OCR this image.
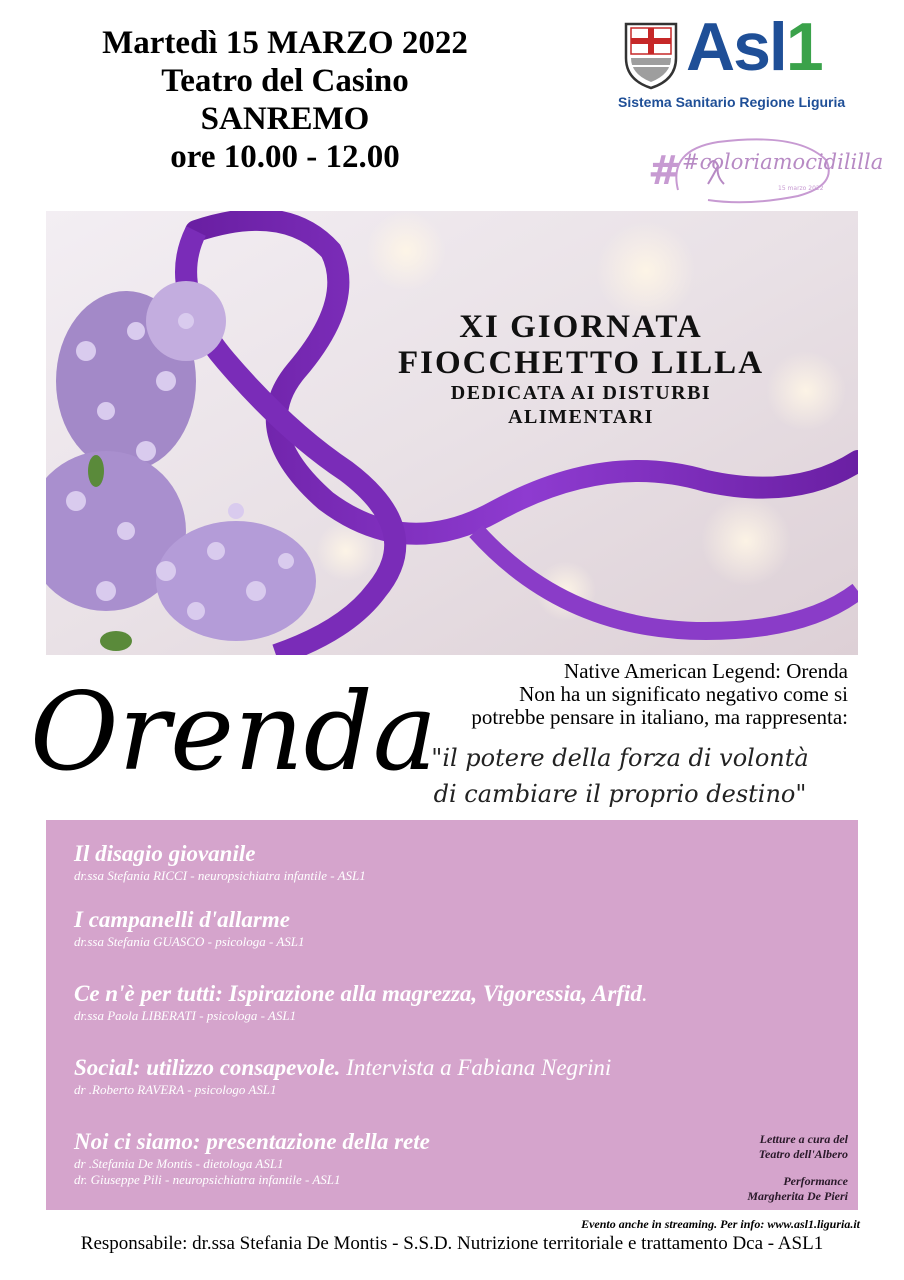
Martedì 15 MARZO 2022
Teatro del Casino
SANREMO
ore 10.00 - 12.00
Asl1
Sistema Sanitario Regione Liguria
#	15 marzo 2022
#coloriamocidililla
XI GIORNATA
FIOCCHETTO LILLA
DEDICATA AI DISTURBI
ALIMENTARI
Orenda	Native American Legend: Orenda
Non ha un significato negativo come si
potrebbe pensare in italiano, ma rappresenta:
"il potere della forza di volontà
di cambiare il proprio destino"
Il disagio giovanile
dr.ssa Stefania RICCI - neuropsichiatra infantile - ASL1
I campanelli d'allarme
dr.ssa Stefania GUASCO - psicologa - ASL1
Ce n'è per tutti: Ispirazione alla magrezza, Vigoressia, Arfid.
dr.ssa Paola LIBERATI - psicologa - ASL1
Social: utilizzo consapevole. Intervista a Fabiana Negrini
dr .Roberto RAVERA - psicologo ASL1
Noi ci siamo: presentazione della rete
dr .Stefania De Montis - dietologa ASL1
dr. Giuseppe Pili - neuropsichiatra infantile - ASL1
Letture a cura del
Teatro dell'Albero
Performance
Margherita De Pieri
Evento anche in streaming. Per info: www.asl1.liguria.it
Responsabile: dr.ssa Stefania De Montis - S.S.D. Nutrizione territoriale e trattamento Dca - ASL1
